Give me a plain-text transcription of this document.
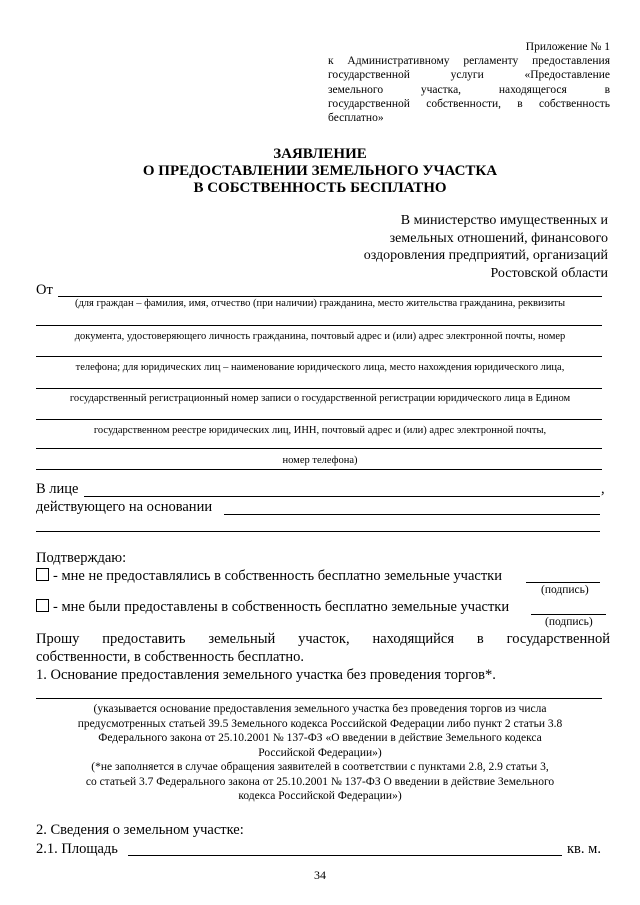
Приложение № 1
к Административному регламенту предоставления
государственной услуги «Предоставление
земельного участка, находящегося в
государственной собственности, в собственность
бесплатно»
ЗАЯВЛЕНИЕ
О ПРЕДОСТАВЛЕНИИ ЗЕМЕЛЬНОГО УЧАСТКА
В СОБСТВЕННОСТЬ БЕСПЛАТНО
В министерство имущественных и
земельных отношений, финансового
оздоровления предприятий, организаций
Ростовской области
От
(для граждан – фамилия, имя, отчество (при наличии) гражданина, место жительства гражданина, реквизиты
документа, удостоверяющего личность гражданина, почтовый адрес и (или) адрес электронной почты, номер
телефона; для юридических лиц – наименование юридического лица, место нахождения юридического лица,
государственный регистрационный номер записи о государственной регистрации юридического лица в Едином
государственном реестре юридических лиц, ИНН, почтовый адрес и (или) адрес электронной почты,
номер телефона)
В лице	,
действующего на основании
Подтверждаю:
- мне не предоставлялись в собственность бесплатно земельные участки
(подпись)
- мне были предоставлены в собственность бесплатно земельные участки
(подпись)
Прошу предоставить земельный участок, находящийся в государственной
собственности, в собственность бесплатно.
1. Основание предоставления земельного участка без проведения торгов*.
(указывается основание предоставления земельного участка без проведения торгов из числа
предусмотренных статьей 39.5 Земельного кодекса Российской Федерации либо пункт 2 статьи 3.8
Федерального закона от 25.10.2001 № 137-ФЗ «О введении в действие Земельного кодекса
Российской Федерации»)
(*не заполняется в случае обращения заявителей в соответствии с пунктами 2.8, 2.9 статьи 3,
со статьей 3.7 Федерального закона от 25.10.2001 № 137-ФЗ О введении в действие Земельного
кодекса Российской Федерации»)
2. Сведения о земельном участке:
2.1. Площадь	кв. м.
34
